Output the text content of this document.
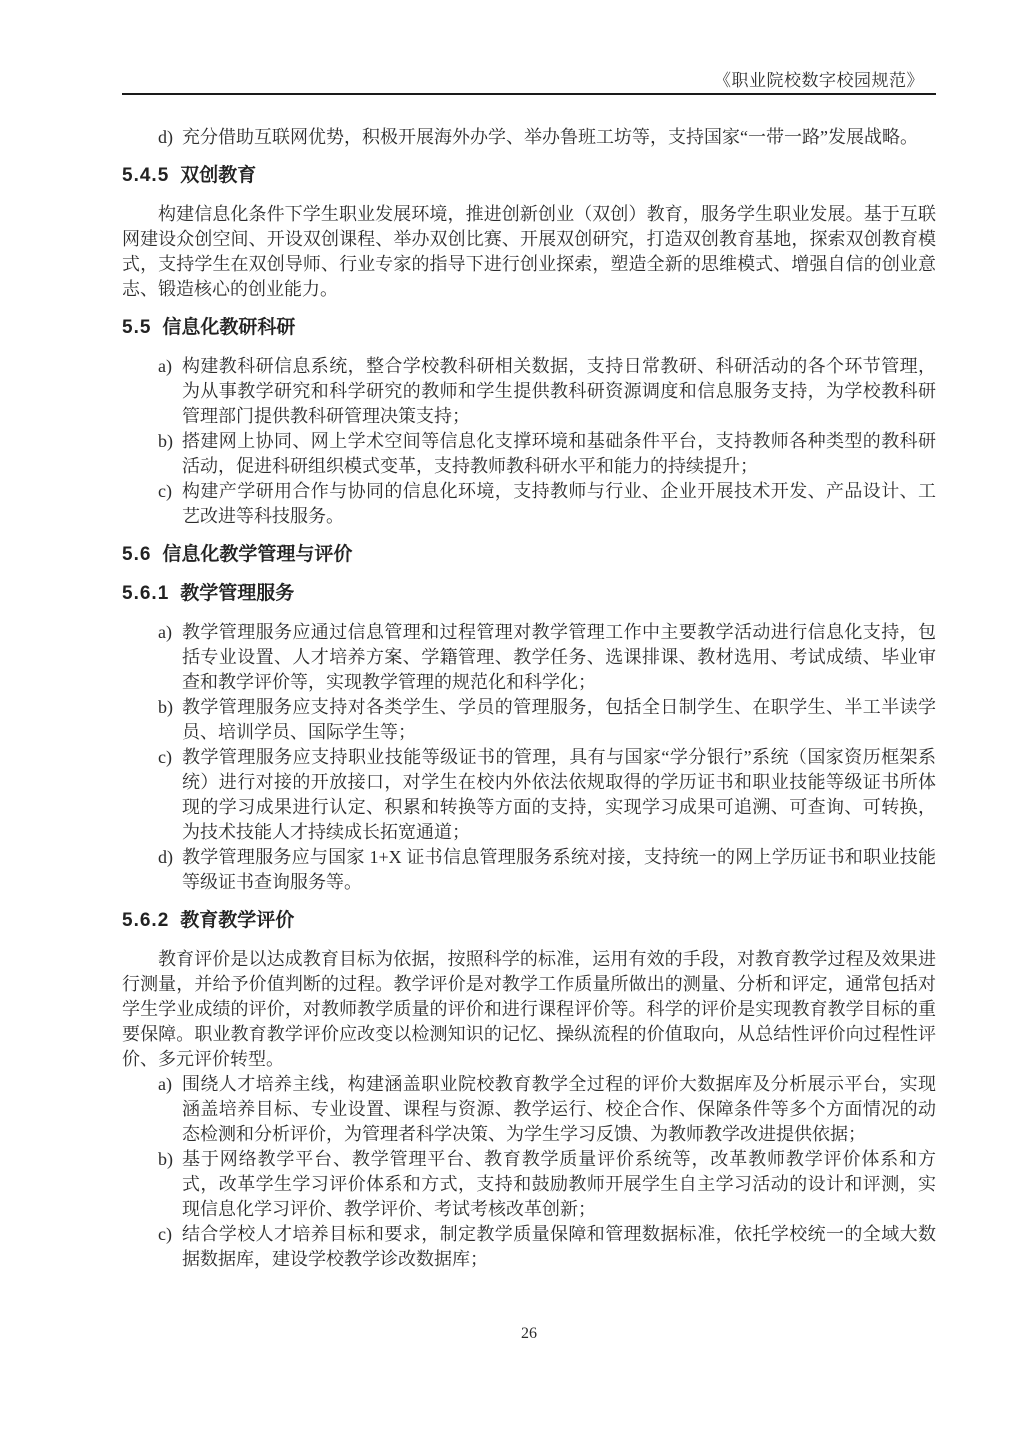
《职业院校数字校园规范》
d) 充分借助互联网优势，积极开展海外办学、举办鲁班工坊等，支持国家“一带一路”发展战略。
5.4.5 双创教育
构建信息化条件下学生职业发展环境，推进创新创业（双创）教育，服务学生职业发展。基于互联网建设众创空间、开设双创课程、举办双创比赛、开展双创研究，打造双创教育基地，探索双创教育模式，支持学生在双创导师、行业专家的指导下进行创业探索，塑造全新的思维模式、增强自信的创业意志、锻造核心的创业能力。
5.5 信息化教研科研
a) 构建教科研信息系统，整合学校教科研相关数据，支持日常教研、科研活动的各个环节管理，为从事教学研究和科学研究的教师和学生提供教科研资源调度和信息服务支持，为学校教科研管理部门提供教科研管理决策支持；
b) 搭建网上协同、网上学术空间等信息化支撑环境和基础条件平台，支持教师各种类型的教科研活动，促进科研组织模式变革，支持教师教科研水平和能力的持续提升；
c) 构建产学研用合作与协同的信息化环境，支持教师与行业、企业开展技术开发、产品设计、工艺改进等科技服务。
5.6 信息化教学管理与评价
5.6.1 教学管理服务
a) 教学管理服务应通过信息管理和过程管理对教学管理工作中主要教学活动进行信息化支持，包括专业设置、人才培养方案、学籍管理、教学任务、选课排课、教材选用、考试成绩、毕业审查和教学评价等，实现教学管理的规范化和科学化；
b) 教学管理服务应支持对各类学生、学员的管理服务，包括全日制学生、在职学生、半工半读学员、培训学员、国际学生等；
c) 教学管理服务应支持职业技能等级证书的管理，具有与国家“学分银行”系统（国家资历框架系统）进行对接的开放接口，对学生在校内外依法依规取得的学历证书和职业技能等级证书所体现的学习成果进行认定、积累和转换等方面的支持，实现学习成果可追溯、可查询、可转换，为技术技能人才持续成长拓宽通道；
d) 教学管理服务应与国家 1+X 证书信息管理服务系统对接，支持统一的网上学历证书和职业技能等级证书查询服务等。
5.6.2 教育教学评价
教育评价是以达成教育目标为依据，按照科学的标准，运用有效的手段，对教育教学过程及效果进行测量，并给予价值判断的过程。教学评价是对教学工作质量所做出的测量、分析和评定，通常包括对学生学业成绩的评价，对教师教学质量的评价和进行课程评价等。科学的评价是实现教育教学目标的重要保障。职业教育教学评价应改变以检测知识的记忆、操纵流程的价值取向，从总结性评价向过程性评价、多元评价转型。
a) 围绕人才培养主线，构建涵盖职业院校教育教学全过程的评价大数据库及分析展示平台，实现涵盖培养目标、专业设置、课程与资源、教学运行、校企合作、保障条件等多个方面情况的动态检测和分析评价，为管理者科学决策、为学生学习反馈、为教师教学改进提供依据；
b) 基于网络教学平台、教学管理平台、教育教学质量评价系统等，改革教师教学评价体系和方式，改革学生学习评价体系和方式，支持和鼓励教师开展学生自主学习活动的设计和评测，实现信息化学习评价、教学评价、考试考核改革创新；
c) 结合学校人才培养目标和要求，制定教学质量保障和管理数据标准，依托学校统一的全域大数据数据库，建设学校教学诊改数据库；
26
